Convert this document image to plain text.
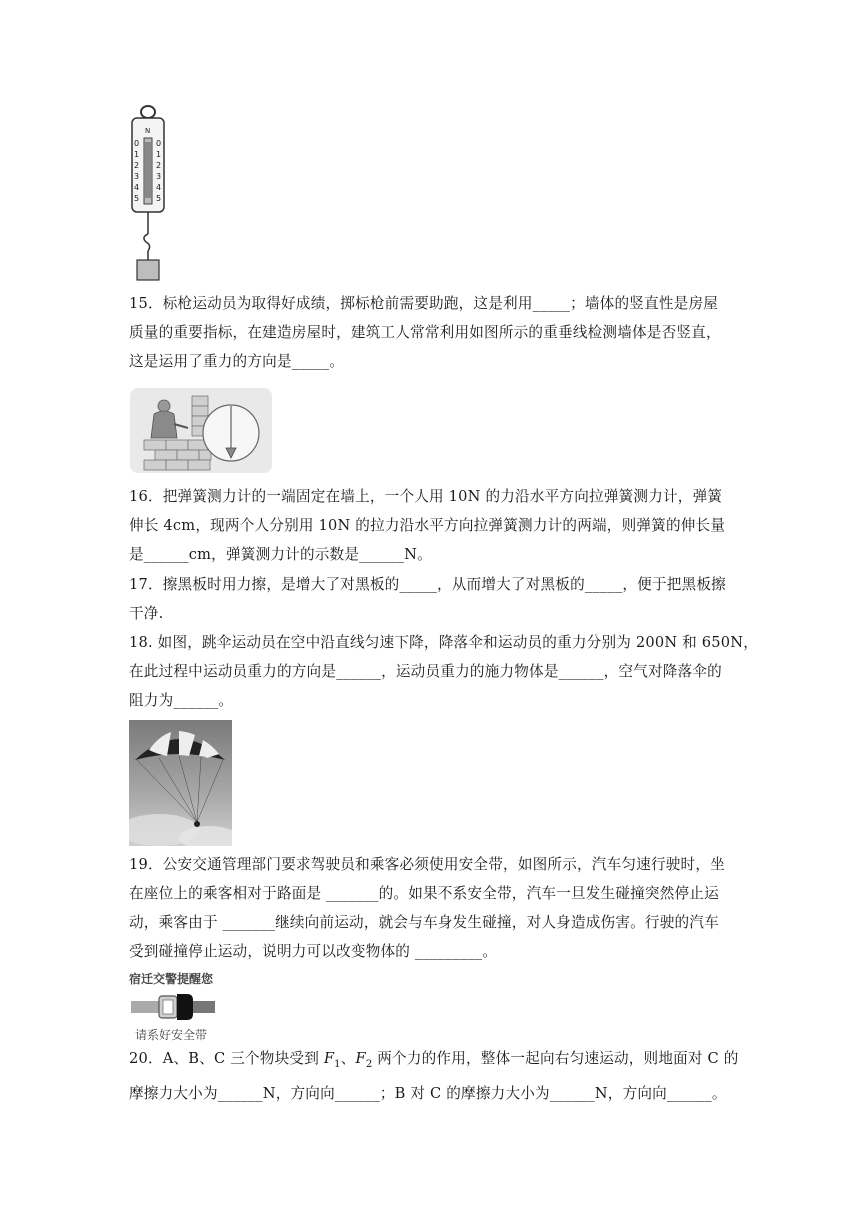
N
0
1
2
3
4
5
0
1
2
3
4
5

15．标枪运动员为取得好成绩，掷标枪前需要助跑，这是利用_____；墙体的竖直性是房屋

质量的重要指标，在建造房屋时，建筑工人常常利用如图所示的重垂线检测墙体是否竖直，

这是运用了重力的方向是_____。

16．把弹簧测力计的一端固定在墙上，一个人用 10N 的力沿水平方向拉弹簧测力计，弹簧

伸长 4cm，现两个人分别用 10N 的拉力沿水平方向拉弹簧测力计的两端，则弹簧的伸长量

是______cm，弹簧测力计的示数是______N。

17．擦黑板时用力擦，是增大了对黑板的_____，从而增大了对黑板的_____，便于把黑板擦

干净.

18. 如图，跳伞运动员在空中沿直线匀速下降，降落伞和运动员的重力分别为 200N 和 650N，

在此过程中运动员重力的方向是______，运动员重力的施力物体是______，空气对降落伞的

阻力为______。

19．公安交通管理部门要求驾驶员和乘客必须使用安全带，如图所示，汽车匀速行驶时，坐

在座位上的乘客相对于路面是 _______的。如果不系安全带，汽车一旦发生碰撞突然停止运

动，乘客由于 _______继续向前运动，就会与车身发生碰撞，对人身造成伤害。行驶的汽车

受到碰撞停止运动，说明力可以改变物体的 _________。

宿迁交警提醒您
请系好安全带

20．A、B、C 三个物块受到 $F_1$、$F_2$ 两个力的作用，整体一起向右匀速运动，则地面对 C 的

摩擦力大小为______N，方向向______；B 对 C 的摩擦力大小为______N，方向向______。
